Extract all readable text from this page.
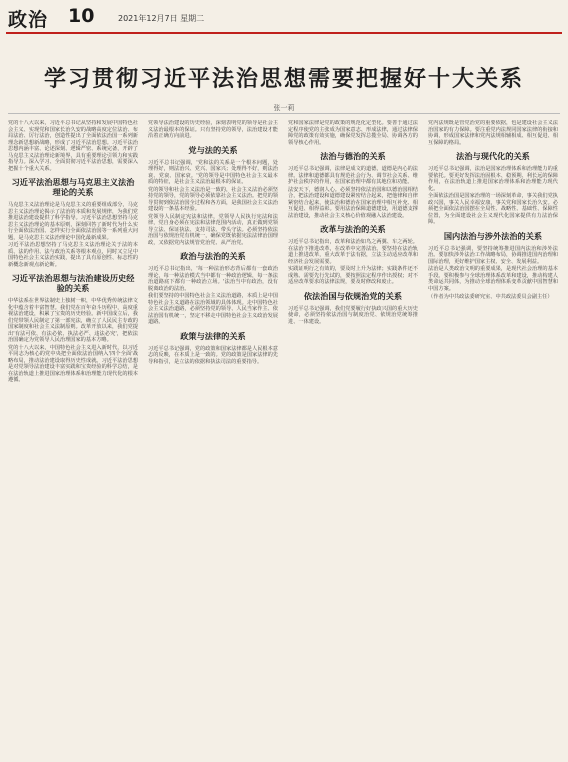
政治 10	2021年12月7日 星期二
学习贯彻习近平法治思想需要把握好十大关系
张一莉

党的十八大以来，习近平总书记从坚持和发展中国特色社会主义、实现党和国家长治久安的战略高度定位法治、布局法治、厉行法治，创造性提出了全面依法治国一系列新理念新思想新战略，形成了习近平法治思想。习近平法治思想内涵丰富、论述深刻、逻辑严密、系统完备，开辟了马克思主义法治理论新境界，具有重要理论引领力和实践指导力。深入学习、全面贯彻习近平法治思想，需要深入把握十个重大关系。

习近平法治思想与马克思主义法治理论的关系

马克思主义法治理论是马克思主义的重要组成部分，马克思主义法治理论揭示了法治的本质和发展规律，为我们党推进法治建设提供了科学指导。习近平法治思想坚持马克思主义法治理论的基本原则，深刻回答了新时代为什么实行全面依法治国、怎样实行全面依法治国等一系列重大问题，是马克思主义法治理论中国化最新成果。

习近平法治思想坚持了马克思主义法治理论关于法的本质、法的作用、法与政治关系等根本观点，同时又立足中国特色社会主义法治实践，提出了具有原创性、标志性的新概念新观点新论断。

习近平法治思想与法治建设历史经验的关系

中华法系在世界法制史上独树一帜，中华优秀传统法律文化中蕴含着丰富智慧。我们党在百年奋斗历程中，高度重视法治建设，积累了宝贵的历史经验。新中国成立后，我们党带领人民制定了第一部宪法，确立了人民民主专政的国家制度和社会主义法制原则。改革开放以来，我们党提出'有法可依、有法必依、执法必严、违法必究'，把依法治国确定为党领导人民治理国家的基本方略。

党的十八大以来，中国特色社会主义进入新时代，以习近平同志为核心的党中央把全面依法治国纳入'四个全面'战略布局，推动法治建设取得历史性成就。习近平法治思想是对党领导法治建设丰富实践和宝贵经验的科学总结，是在法治轨道上推进国家治理体系和治理能力现代化的根本遵循。

党领导法治建设的历史经验，深刻表明党的领导是社会主义法治最根本的保证。只有坚持党的领导，法治建设才能沿着正确方向前进。

党与法的关系

习近平总书记强调，'党和法的关系是一个根本问题，处理得好，则法治兴、党兴、国家兴；处理得不好，则法治衰、党衰、国家衰。'党的领导是中国特色社会主义最本质的特征，是社会主义法治最根本的保证。

党的领导和社会主义法治是一致的，社会主义法治必须坚持党的领导，党的领导必须依靠社会主义法治。把党的领导贯彻到依法治国全过程和各方面，是我国社会主义法治建设的一条基本经验。

党领导人民制定宪法和法律，党领导人民执行宪法和法律，党自身必须在宪法和法律范围内活动，真正做到党领导立法、保证执法、支持司法、带头守法。必须坚持依法治国与依规治党有机统一，确保党既依据宪法法律治国理政，又依据党内法规管党治党、从严治党。

政治与法治的关系

习近平总书记指出，'每一种法治形态背后都有一套政治理论，每一种法治模式当中都有一种政治逻辑，每一条法治道路底下都有一种政治立场。'法治当中有政治，没有脱离政治的法治。

我们要坚持的中国特色社会主义法治道路，本质上是中国特色社会主义道路在法治领域的具体体现。走中国特色社会主义法治道路，必须坚持党的领导、人民当家作主、依法治国有机统一，坚定不移走中国特色社会主义政治发展道路。

政策与法律的关系

习近平总书记强调，党的政策和国家法律都是人民根本意志的反映，在本质上是一致的。党的政策是国家法律的先导和指引，是立法的依据和执法司法的重要指导。

党和国家法律是党的政策的规范化定型化。要善于通过法定程序使党的主张成为国家意志、形成法律，通过法律保障党的政策有效实施，确保党发挥总揽全局、协调各方的领导核心作用。

法治与德治的关系

习近平总书记强调，法律是成文的道德，道德是内心的法律。法律和道德都具有规范社会行为、调节社会关系、维护社会秩序的作用，在国家治理中都有其地位和功能。

法安天下，德润人心。必须坚持依法治国和以德治国相结合，把法治建设和道德建设紧密结合起来，把他律和自律紧密结合起来，使法治和德治在国家治理中相互补充、相互促进、相得益彰。要用法治保障道德建设，用道德支撑法治建设，推动社会主义核心价值观融入法治建设。

改革与法治的关系

习近平总书记指出，改革和法治如鸟之两翼、车之两轮。在法治下推进改革，在改革中完善法治。要坚持在法治轨道上推进改革，重大改革于法有据，立法主动适应改革和经济社会发展需要。

实践证明行之有效的，要及时上升为法律；实践条件还不成熟、需要先行先试的，要按照法定程序作出授权；对不适应改革要求的法律法规，要及时修改和废止。

依法治国与依规治党的关系

习近平总书记强调，我们党要履行好执政兴国的重大历史使命，必须坚持依法治国与制度治党、依规治党统筹推进、一体建设。

党内法规既是管党治党的重要依据，也是建设社会主义法治国家的有力保障。要注重党内法规同国家法律的衔接和协调，形成国家法律和党内法规相辅相成、相互促进、相互保障的格局。

法治与现代化的关系

习近平总书记强调，法治是国家治理体系和治理能力的重要依托。要更好发挥法治固根本、稳预期、利长远的保障作用，在法治轨道上推进国家治理体系和治理能力现代化。

全面依法治国是国家治理的一场深刻革命，事关我们党执政兴国，事关人民幸福安康，事关党和国家长治久安。必须把全面依法治国摆在全局性、战略性、基础性、保障性位置，为全面建设社会主义现代化国家提供有力法治保障。

国内法治与涉外法治的关系

习近平总书记强调，要坚持统筹推进国内法治和涉外法治。要加快涉外法治工作战略布局，协调推进国内治理和国际治理，更好维护国家主权、安全、发展利益。

法治是人类政治文明的重要成果，是现代社会治理的基本手段。要积极参与全球治理体系改革和建设，推动构建人类命运共同体，为推动全球治理体系变革贡献中国智慧和中国方案。

（作者为中共政法委研究室、中共政法委员会副主任）
